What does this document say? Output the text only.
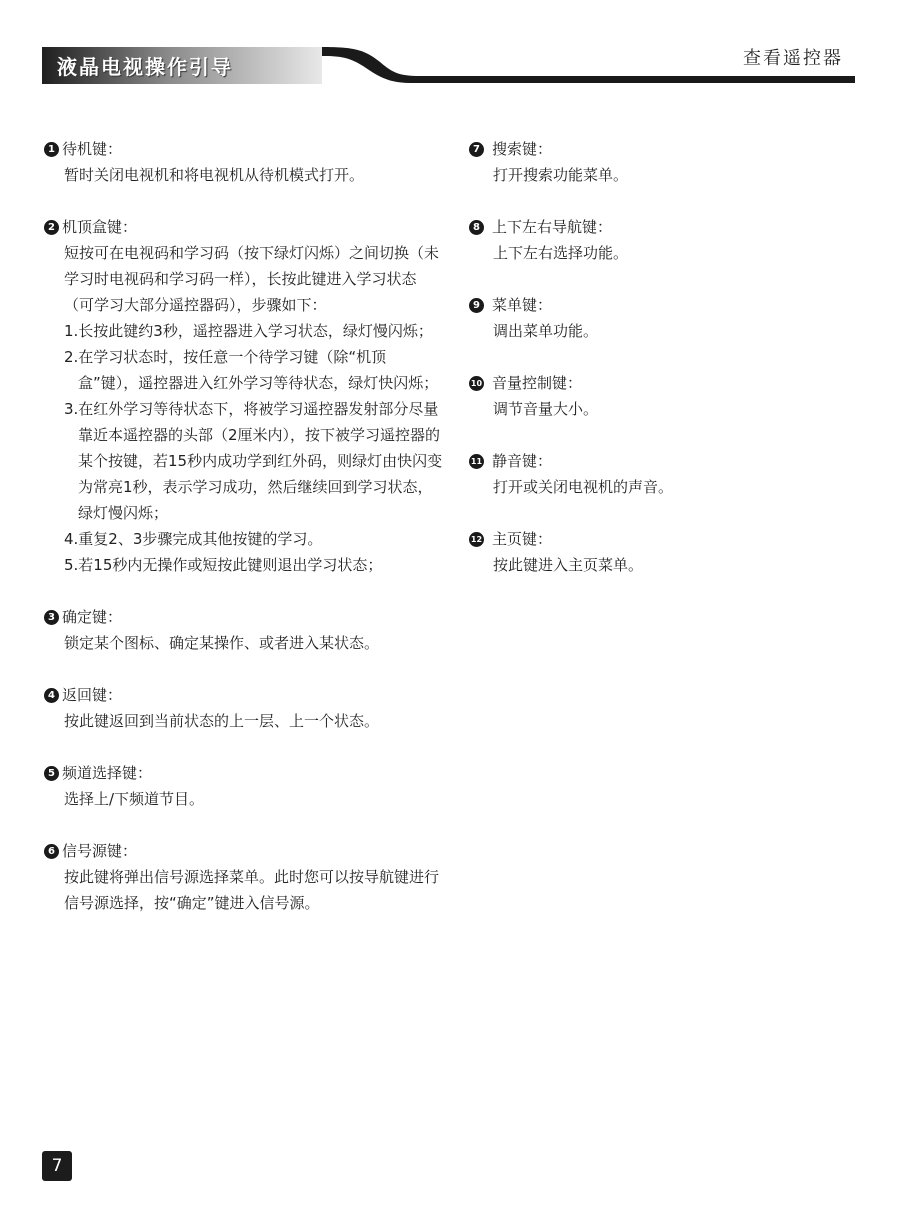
液晶电视操作引导	查看遥控器
1 待机键：
暂时关闭电视机和将电视机从待机模式打开。
2 机顶盒键：
短按可在电视码和学习码（按下绿灯闪烁）之间切换（未学习时电视码和学习码一样），长按此键进入学习状态（可学习大部分遥控器码），步骤如下：
1.长按此键约3秒，遥控器进入学习状态，绿灯慢闪烁；
2.在学习状态时，按任意一个待学习键（除“机顶盒”键），遥控器进入红外学习等待状态，绿灯快闪烁；
3.在红外学习等待状态下，将被学习遥控器发射部分尽量靠近本遥控器的头部（2厘米内），按下被学习遥控器的某个按键，若15秒内成功学到红外码，则绿灯由快闪变为常亮1秒，表示学习成功，然后继续回到学习状态，绿灯慢闪烁；
4.重复2、3步骤完成其他按键的学习。
5.若15秒内无操作或短按此键则退出学习状态；
3 确定键：
锁定某个图标、确定某操作、或者进入某状态。
4 返回键：
按此键返回到当前状态的上一层、上一个状态。
5 频道选择键：
选择上/下频道节目。
6 信号源键：
按此键将弹出信号源选择菜单。此时您可以按导航键进行信号源选择，按“确定”键进入信号源。
7 搜索键：
打开搜索功能菜单。
8 上下左右导航键：
上下左右选择功能。
9 菜单键：
调出菜单功能。
10 音量控制键：
调节音量大小。
11 静音键：
打开或关闭电视机的声音。
12 主页键：
按此键进入主页菜单。
7
